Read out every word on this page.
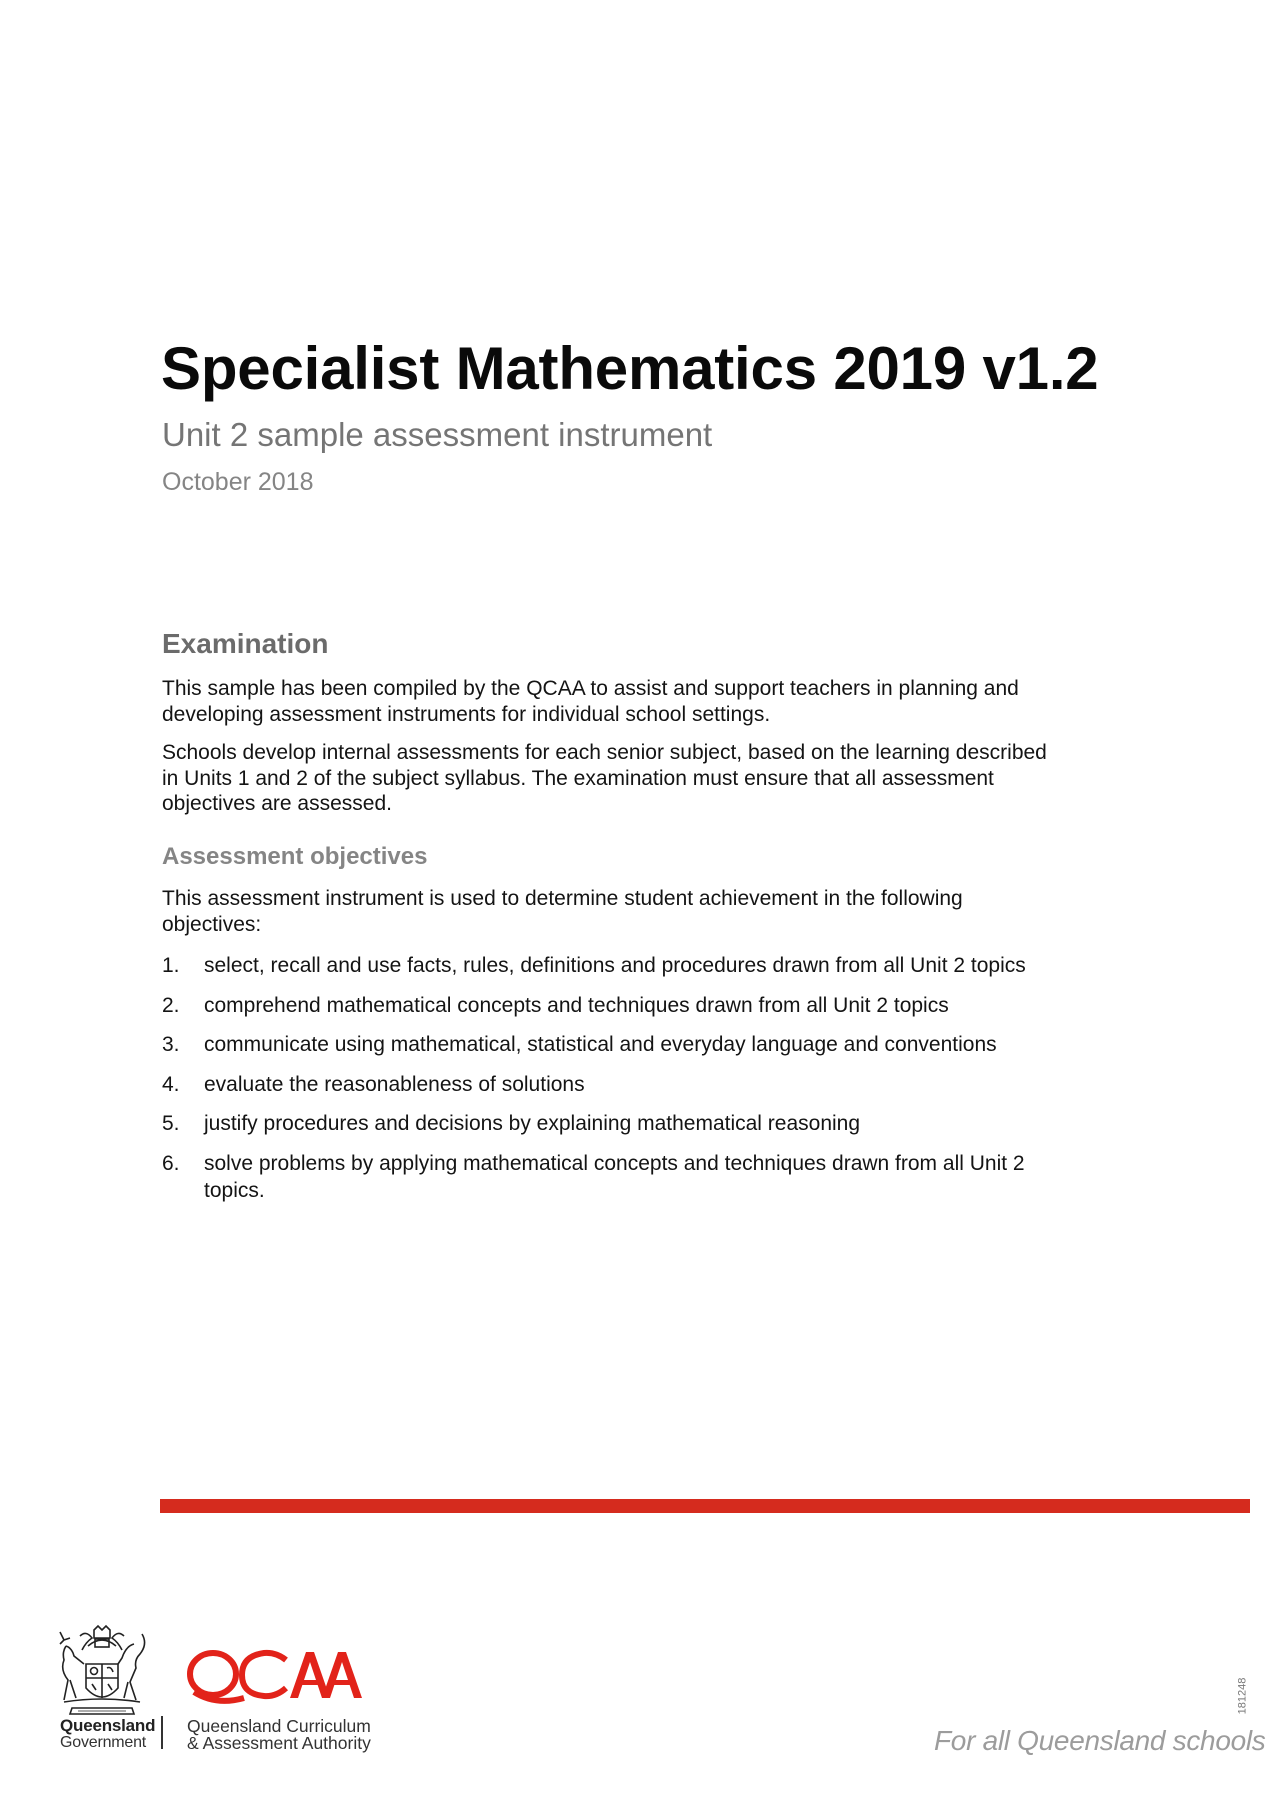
Specialist Mathematics 2019 v1.2
Unit 2 sample assessment instrument
October 2018
Examination
This sample has been compiled by the QCAA to assist and support teachers in planning and
developing assessment instruments for individual school settings.
Schools develop internal assessments for each senior subject, based on the learning described
in Units 1 and 2 of the subject syllabus. The examination must ensure that all assessment
objectives are assessed.
Assessment objectives
This assessment instrument is used to determine student achievement in the following
objectives:
1. select, recall and use facts, rules, definitions and procedures drawn from all Unit 2 topics
2. comprehend mathematical concepts and techniques drawn from all Unit 2 topics
3. communicate using mathematical, statistical and everyday language and conventions
4. evaluate the reasonableness of solutions
5. justify procedures and decisions by explaining mathematical reasoning
6. solve problems by applying mathematical concepts and techniques drawn from all Unit 2
topics.
Queensland
Government
Queensland Curriculum
& Assessment Authority	For all Queensland schools
181248
